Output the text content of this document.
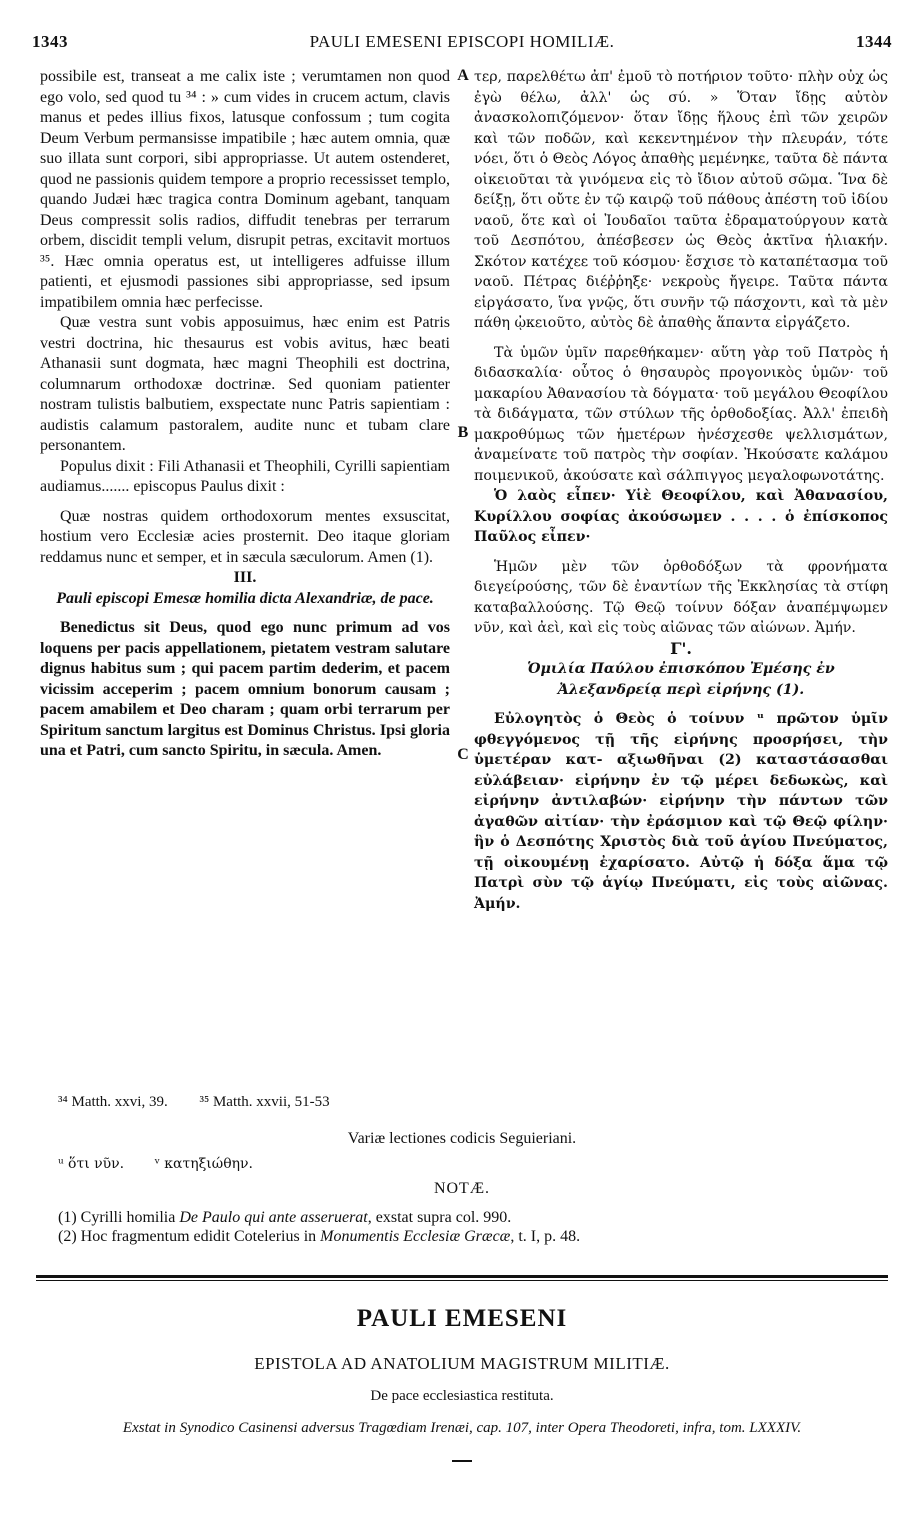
1343	PAULI EMESENI EPISCOPI HOMILIÆ.	1344

possibile est, transeat a me calix iste ; verumtamen non quod ego volo, sed quod tu ³⁴ : » cum vides in crucem actum, clavis manus et pedes illius fixos, latusque confossum ; tum cogita Deum Verbum permansisse impatibile ; hæc autem omnia, quæ suo illata sunt corpori, sibi appropriasse. Ut autem ostenderet, quod ne passionis quidem tempore a proprio recessisset templo, quando Judæi hæc tragica contra Dominum agebant, tanquam Deus compressit solis radios, diffudit tenebras per terrarum orbem, discidit templi velum, disrupit petras, excitavit mortuos ³⁵. Hæc omnia operatus est, ut intelligeres adfuisse illum patienti, et ejusmodi passiones sibi appropriasse, sed ipsum impatibilem omnia hæc perfecisse.

Quæ vestra sunt vobis apposuimus, hæc enim est Patris vestri doctrina, hic thesaurus est vobis avitus, hæc beati Athanasii sunt dogmata, hæc magni Theophili est doctrina, columnarum orthodoxæ doctrinæ. Sed quoniam patienter nostram tulistis balbutiem, exspectate nunc Patris sapientiam : audistis calamum pastoralem, audite nunc et tubam clare personantem.

Populus dixit : Fili Athanasii et Theophili, Cyrilli sapientiam audiamus....... episcopus Paulus dixit :

Quæ nostras quidem orthodoxorum mentes exsuscitat, hostium vero Ecclesiæ acies prosternit. Deo itaque gloriam reddamus nunc et semper, et in sæcula sæculorum. Amen (1).

III.

Pauli episcopi Emesæ homilia dicta Alexandriæ, de pace.

Benedictus sit Deus, quod ego nunc primum ad vos loquens per pacis appellationem, pietatem vestram salutare dignus habitus sum ; qui pacem partim dederim, et pacem vicissim acceperim ; pacem omnium bonorum causam ; pacem amabilem et Deo charam ; quam orbi terrarum per Spiritum sanctum largitus est Dominus Christus. Ipsi gloria una et Patri, cum sancto Spiritu, in sæcula. Amen.

A
B
C

τερ, παρελθέτω ἀπ' ἐμοῦ τὸ ποτήριον τοῦτο· πλὴν οὐχ ὡς ἐγὼ θέλω, ἀλλ' ὡς σύ. » Ὅταν ἴδῃς αὐτὸν ἀνασκολοπιζόμενον· ὅταν ἴδῃς ἥλους ἐπὶ τῶν χειρῶν καὶ τῶν ποδῶν, καὶ κεκεντημένον τὴν πλευράν, τότε νόει, ὅτι ὁ Θεὸς Λόγος ἀπαθὴς μεμένηκε, ταῦτα δὲ πάντα οἰκειοῦται τὰ γινόμενα εἰς τὸ ἴδιον αὐτοῦ σῶμα. Ἵνα δὲ δείξῃ, ὅτι οὔτε ἐν τῷ καιρῷ τοῦ πάθους ἀπέστη τοῦ ἰδίου ναοῦ, ὅτε καὶ οἱ Ἰουδαῖοι ταῦτα ἐδραματούργουν κατὰ τοῦ Δεσπότου, ἀπέσβεσεν ὡς Θεὸς ἀκτῖνα ἡλιακήν. Σκότον κατέχεε τοῦ κόσμου· ἔσχισε τὸ καταπέτασμα τοῦ ναοῦ. Πέτρας διέῤῥηξε· νεκροὺς ἤγειρε. Ταῦτα πάντα εἰργάσατο, ἵνα γνῷς, ὅτι συνῆν τῷ πάσχοντι, καὶ τὰ μὲν πάθη ᾠκειοῦτο, αὐτὸς δὲ ἀπαθὴς ἅπαντα εἰργάζετο.

Τὰ ὑμῶν ὑμῖν παρεθήκαμεν· αὕτη γὰρ τοῦ Πατρὸς ἡ διδασκαλία· οὗτος ὁ θησαυρὸς προγονικὸς ὑμῶν· τοῦ μακαρίου Ἀθανασίου τὰ δόγματα· τοῦ μεγάλου Θεοφίλου τὰ διδάγματα, τῶν στύλων τῆς ὀρθοδοξίας. Ἀλλ' ἐπειδὴ μακροθύμως τῶν ἡμετέρων ἠνέσχεσθε ψελλισμάτων, ἀναμείνατε τοῦ πατρὸς τὴν σοφίαν. Ἠκούσατε καλάμου ποιμενικοῦ, ἀκούσατε καὶ σάλπιγγος μεγαλοφωνοτάτης.

Ὁ λαὸς εἶπεν· Υἱὲ Θεοφίλου, καὶ Ἀθανασίου, Κυρίλλου σοφίας ἀκούσωμεν . . . . ὁ ἐπίσκοπος Παῦλος εἶπεν·

Ἡμῶν μὲν τῶν ὀρθοδόξων τὰ φρονήματα διεγείρούσης, τῶν δὲ ἐναντίων τῆς Ἐκκλησίας τὰ στίφη καταβαλλούσης. Τῷ Θεῷ τοίνυν δόξαν ἀναπέμψωμεν νῦν, καὶ ἀεὶ, καὶ εἰς τοὺς αἰῶνας τῶν αἰώνων. Ἀμήν.

Γ'.

Ὁμιλία Παύλου ἐπισκόπου Ἐμέσης ἐν Ἀλεξανδρείᾳ περὶ εἰρήνης (1).

Εὐλογητὸς ὁ Θεὸς ὁ τοίνυν ᵘ πρῶτον ὑμῖν φθεγγόμενος τῇ τῆς εἰρήνης προσρήσει, τὴν ὑμετέραν κατ- αξιωθῆναι (2) καταστάσασθαι εὐλάβειαν· εἰρήνην ἐν τῷ μέρει δεδωκὼς, καὶ εἰρήνην ἀντιλαβών· εἰρήνην τὴν πάντων τῶν ἀγαθῶν αἰτίαν· τὴν ἐράσμιον καὶ τῷ Θεῷ φίλην· ἣν ὁ Δεσπότης Χριστὸς διὰ τοῦ ἁγίου Πνεύματος, τῇ οἰκουμένῃ ἐχαρίσατο. Αὐτῷ ἡ δόξα ἅμα τῷ Πατρὶ σὺν τῷ ἁγίῳ Πνεύματι, εἰς τοὺς αἰῶνας. Ἀμήν.

³⁴ Matth. xxvi, 39. ³⁵ Matth. xxvii, 51-53
Variæ lectiones codicis Seguieriani.
ᵘ ὅτι νῦν. ᵛ κατηξιώθην.
NOTÆ.
(1) Cyrilli homilia De Paulo qui ante asseruerat, exstat supra col. 990.
(2) Hoc fragmentum edidit Cotelerius in Monumentis Ecclesiæ Græcæ, t. I, p. 48.
PAULI EMESENI
EPISTOLA AD ANATOLIUM MAGISTRUM MILITIÆ.
De pace ecclesiastica restituta.
Exstat in Synodico Casinensi adversus Tragœdiam Irenæi, cap. 107, inter Opera Theodoreti, infra, tom. LXXXIV.
